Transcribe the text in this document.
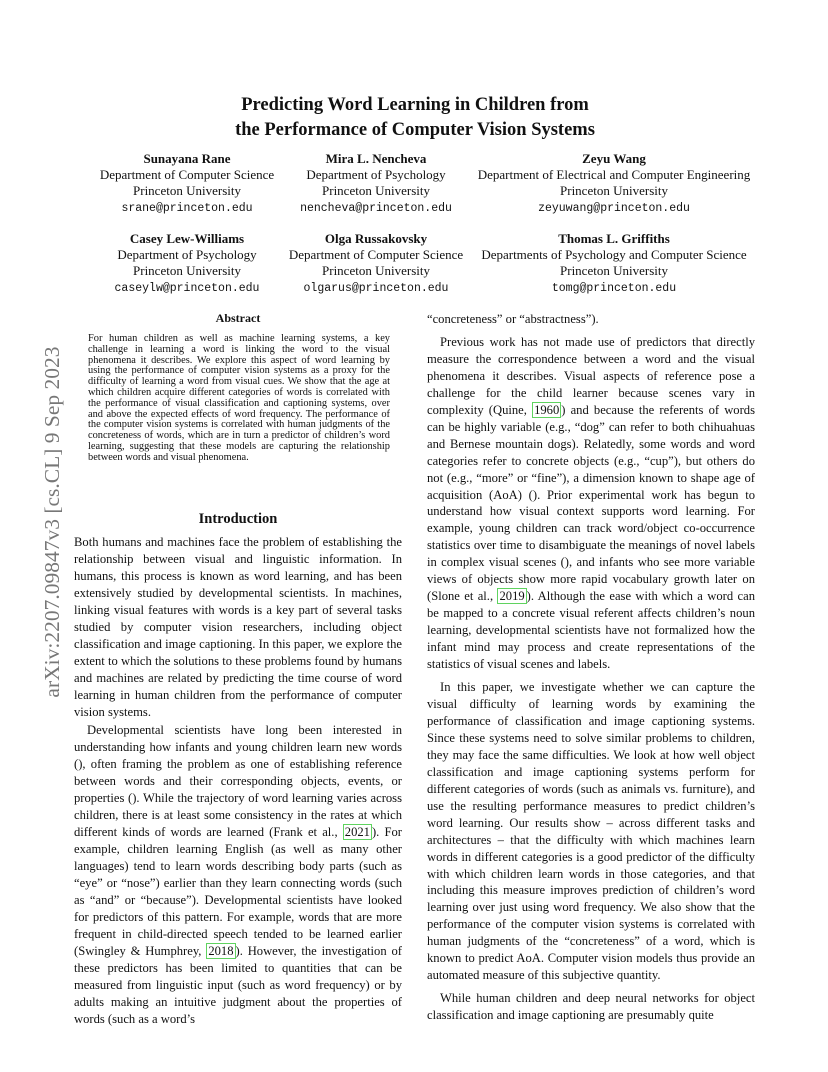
Predicting Word Learning in Children from
the Performance of Computer Vision Systems
Sunayana Rane
Department of Computer Science
Princeton University
srane@princeton.edu
Mira L. Nencheva
Department of Psychology
Princeton University
nencheva@princeton.edu
Zeyu Wang
Department of Electrical and Computer Engineering
Princeton University
zeyuwang@princeton.edu
Casey Lew-Williams
Department of Psychology
Princeton University
caseylw@princeton.edu
Olga Russakovsky
Department of Computer Science
Princeton University
olgarus@princeton.edu
Thomas L. Griffiths
Departments of Psychology and Computer Science
Princeton University
tomg@princeton.edu
arXiv:2207.09847v3 [cs.CL] 9 Sep 2023
Abstract

For human children as well as machine learning systems, a key challenge in learning a word is linking the word to the visual phenomena it describes. We explore this aspect of word learning by using the performance of computer vision systems as a proxy for the difficulty of learning a word from visual cues. We show that the age at which children acquire different categories of words is correlated with the performance of visual classification and captioning systems, over and above the expected effects of word frequency. The performance of the computer vision systems is correlated with human judgments of the concreteness of words, which are in turn a predictor of children’s word learning, suggesting that these models are capturing the relationship between words and visual phenomena.

Introduction

Both humans and machines face the problem of establishing the relationship between visual and linguistic information. In humans, this process is known as word learning, and has been extensively studied by developmental scientists. In machines, linking visual features with words is a key part of several tasks studied by computer vision researchers, including object classification and image captioning. In this paper, we explore the extent to which the solutions to these problems found by humans and machines are related by predicting the time course of word learning in human children from the performance of computer vision systems.

Developmental scientists have long been interested in understanding how infants and young children learn new words (), often framing the problem as one of establishing reference between words and their corresponding objects, events, or properties (). While the trajectory of word learning varies across children, there is at least some consistency in the rates at which different kinds of words are learned (Frank et al., 2021 ). For example, children learning English (as well as many other languages) tend to learn words describing body parts (such as “eye” or “nose”) earlier than they learn connecting words (such as “and” or “because”). Developmental scientists have looked for predictors of this pattern. For example, words that are more frequent in child-directed speech tended to be learned earlier (Swingley & Humphrey, 2018 ). However, the investigation of these predictors has been limited to quantities that can be measured from linguistic input (such as word frequency) or by adults making an intuitive judgment about the properties of words (such as a word’s

“concreteness” or “abstractness”).

Previous work has not made use of predictors that directly measure the correspondence between a word and the visual phenomena it describes. Visual aspects of reference pose a challenge for the child learner because scenes vary in complexity (Quine, 1960 ) and because the referents of words can be highly variable (e.g., “dog” can refer to both chihuahuas and Bernese mountain dogs). Relatedly, some words and word categories refer to concrete objects (e.g., “cup”), but others do not (e.g., “more” or “fine”), a dimension known to shape age of acquisition (AoA) (). Prior experimental work has begun to understand how visual context supports word learning. For example, young children can track word/object co-occurrence statistics over time to disambiguate the meanings of novel labels in complex visual scenes (), and infants who see more variable views of objects show more rapid vocabulary growth later on (Slone et al., 2019 ). Although the ease with which a word can be mapped to a concrete visual referent affects children’s noun learning, developmental scientists have not formalized how the infant mind may process and create representations of the statistics of visual scenes and labels.

In this paper, we investigate whether we can capture the visual difficulty of learning words by examining the performance of classification and image captioning systems. Since these systems need to solve similar problems to children, they may face the same difficulties. We look at how well object classification and image captioning systems perform for different categories of words (such as animals vs. furniture), and use the resulting performance measures to predict children’s word learning. Our results show – across different tasks and architectures – that the difficulty with which machines learn words in different categories is a good predictor of the difficulty with which children learn words in those categories, and that including this measure improves prediction of children’s word learning over just using word frequency. We also show that the performance of the computer vision systems is correlated with human judgments of the “concreteness” of a word, which is known to predict AoA. Computer vision models thus provide an automated measure of this subjective quantity.

While human children and deep neural networks for object classification and image captioning are presumably quite
